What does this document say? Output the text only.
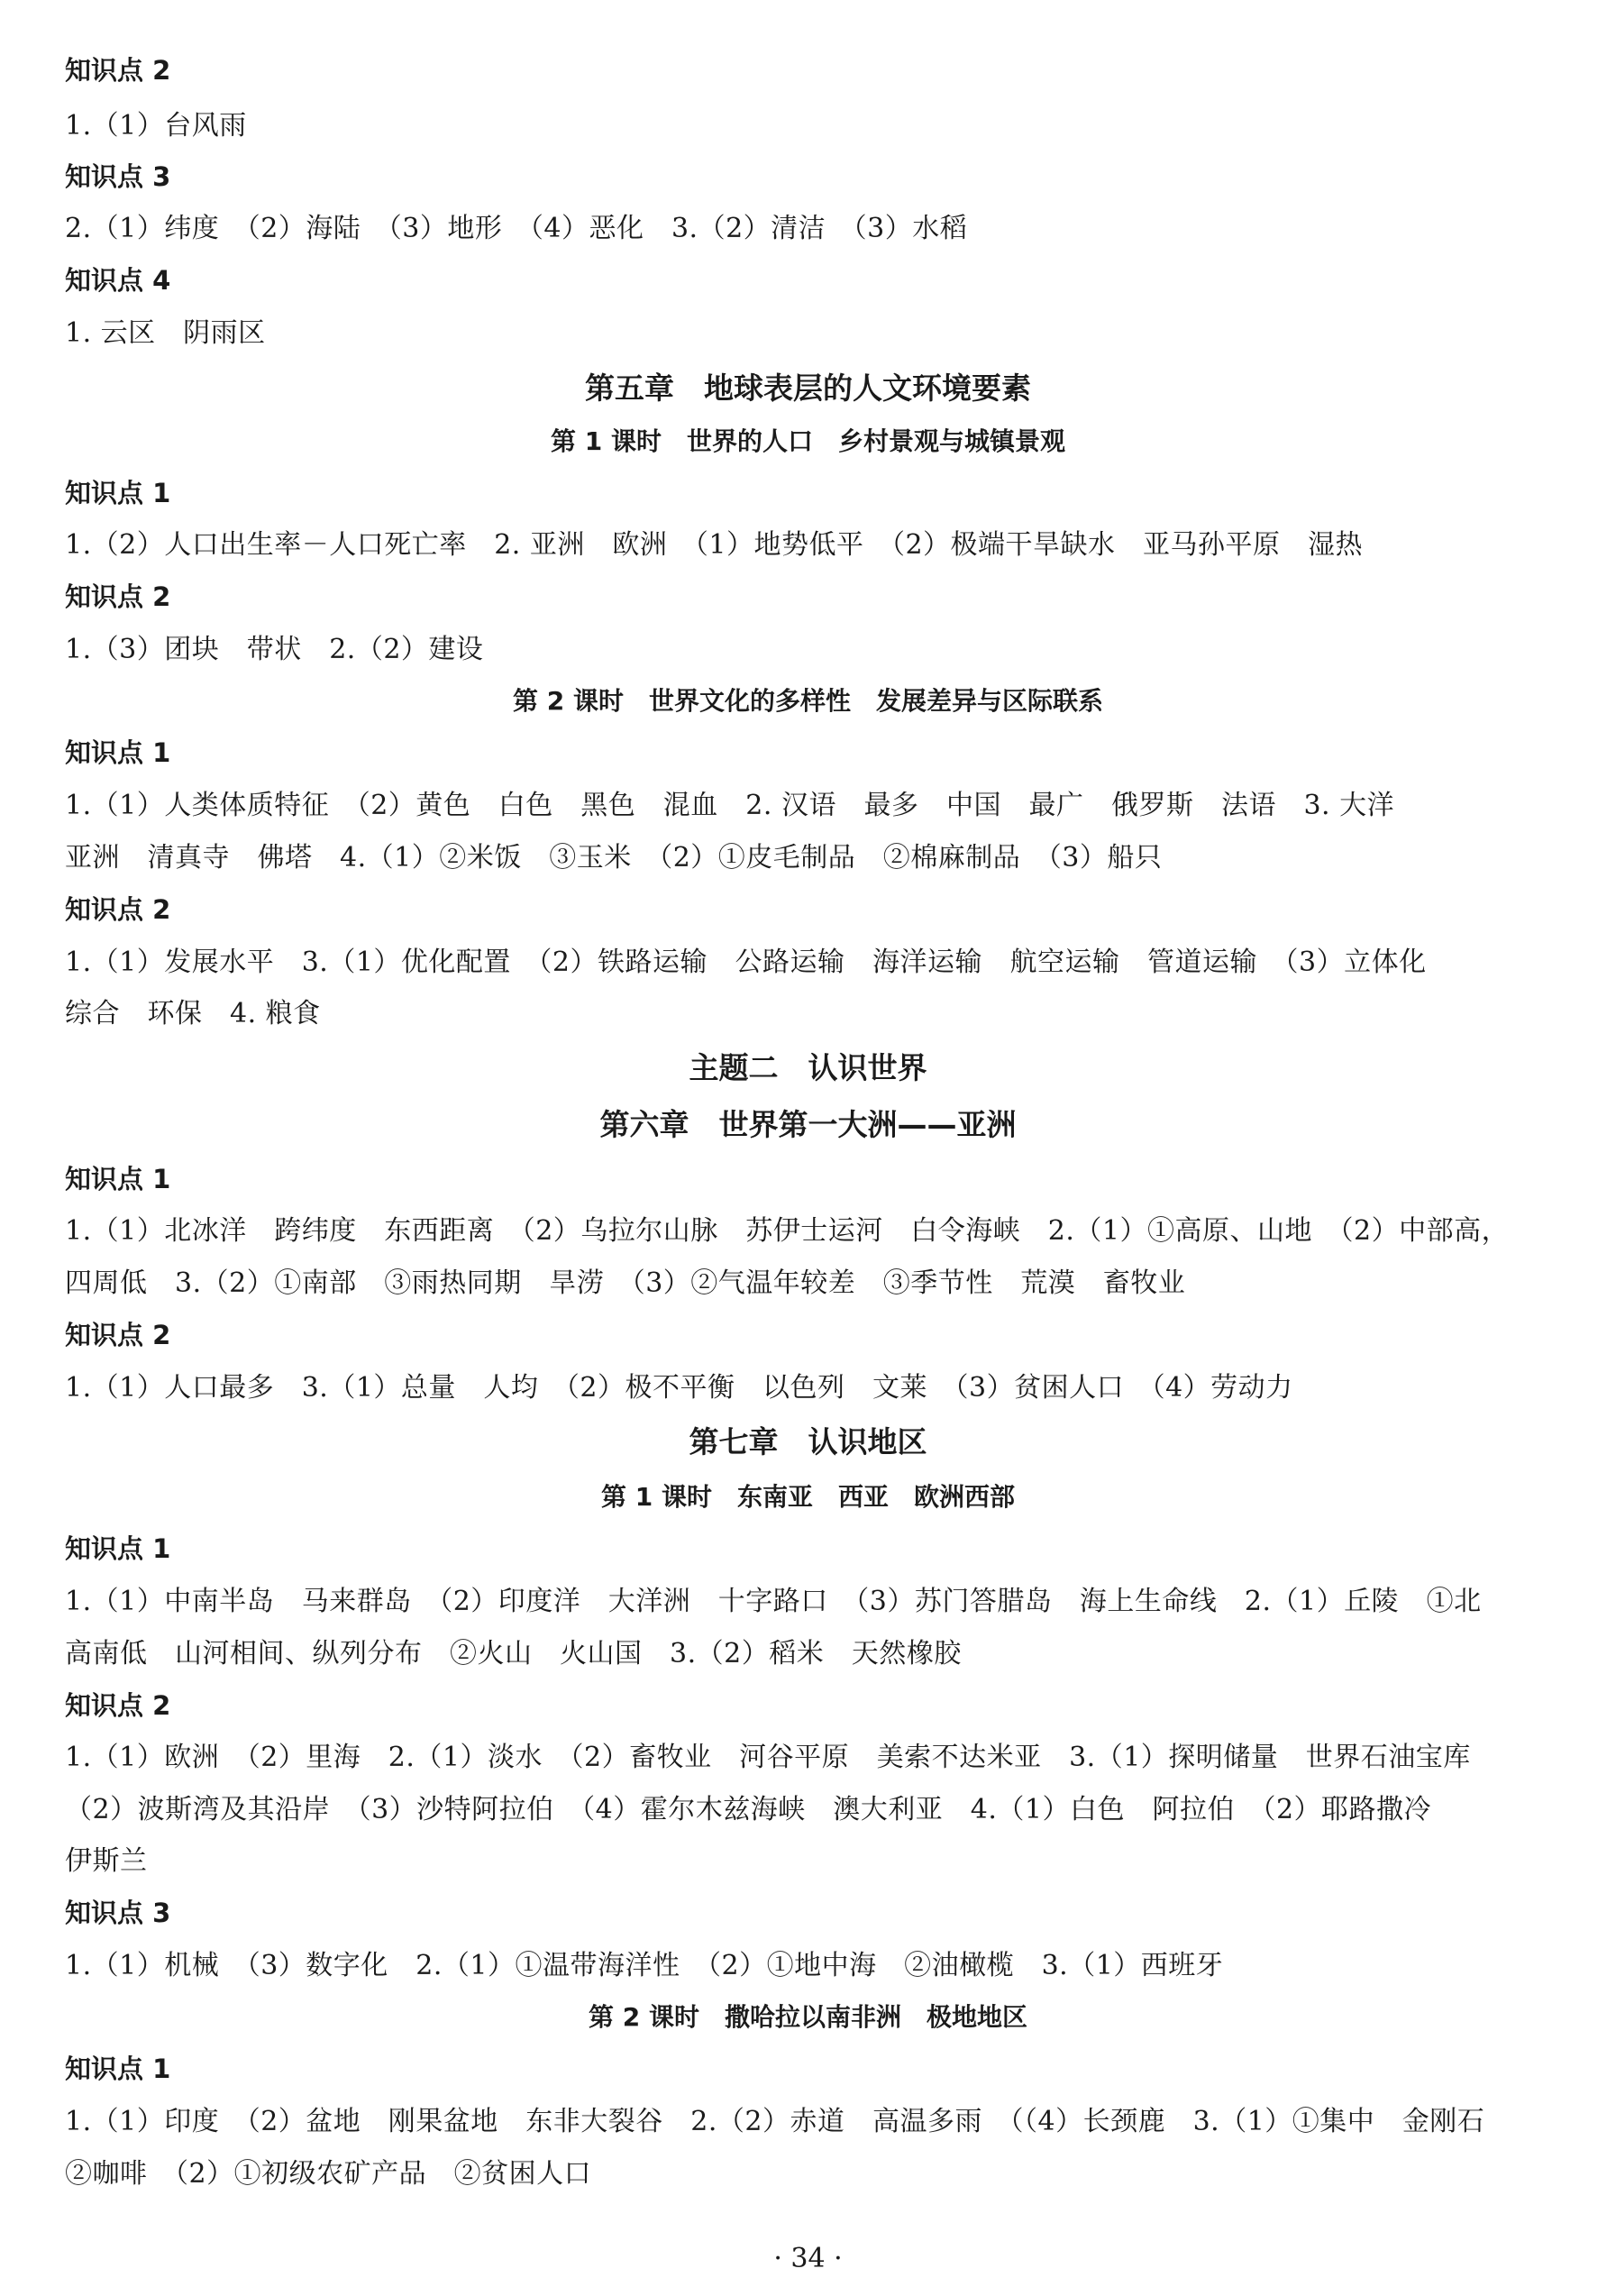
知识点 2
1.（1）台风雨
知识点 3
2.（1）纬度　（2）海陆　（3）地形　（4）恶化　3.（2）清洁　（3）水稻
知识点 4
1. 云区　阴雨区
第五章　地球表层的人文环境要素
第 1 课时　世界的人口　乡村景观与城镇景观
知识点 1
1.（2）人口出生率－人口死亡率　2. 亚洲　欧洲　（1）地势低平　（2）极端干旱缺水　亚马孙平原　湿热
知识点 2
1.（3）团块　带状　2.（2）建设
第 2 课时　世界文化的多样性　发展差异与区际联系
知识点 1
1.（1）人类体质特征　（2）黄色　白色　黑色　混血　2. 汉语　最多　中国　最广　俄罗斯　法语　3. 大洋
亚洲　清真寺　佛塔　4.（1）②米饭　③玉米　（2）①皮毛制品　②棉麻制品　（3）船只
知识点 2
1.（1）发展水平　3.（1）优化配置　（2）铁路运输　公路运输　海洋运输　航空运输　管道运输　（3）立体化
综合　环保　4. 粮食
主题二　认识世界
第六章　世界第一大洲——亚洲
知识点 1
1.（1）北冰洋　跨纬度　东西距离　（2）乌拉尔山脉　苏伊士运河　白令海峡　2.（1）①高原、山地　（2）中部高，
四周低　3.（2）①南部　③雨热同期　旱涝　（3）②气温年较差　③季节性　荒漠　畜牧业
知识点 2
1.（1）人口最多　3.（1）总量　人均　（2）极不平衡　以色列　文莱　（3）贫困人口　（4）劳动力
第七章　认识地区
第 1 课时　东南亚　西亚　欧洲西部
知识点 1
1.（1）中南半岛　马来群岛　（2）印度洋　大洋洲　十字路口　（3）苏门答腊岛　海上生命线　2.（1）丘陵　①北
高南低　山河相间、纵列分布　②火山　火山国　3.（2）稻米　天然橡胶
知识点 2
1.（1）欧洲　（2）里海　2.（1）淡水　（2）畜牧业　河谷平原　美索不达米亚　3.（1）探明储量　世界石油宝库
（2）波斯湾及其沿岸　（3）沙特阿拉伯　（4）霍尔木兹海峡　澳大利亚　4.（1）白色　阿拉伯　（2）耶路撒冷
伊斯兰
知识点 3
1.（1）机械　（3）数字化　2.（1）①温带海洋性　（2）①地中海　②油橄榄　3.（1）西班牙
第 2 课时　撒哈拉以南非洲　极地地区
知识点 1
1.（1）印度　（2）盆地　刚果盆地　东非大裂谷　2.（2）赤道　高温多雨　（（4）长颈鹿　3.（1）①集中　金刚石
②咖啡　（2）①初级农矿产品　②贫困人口
· 34 ·
